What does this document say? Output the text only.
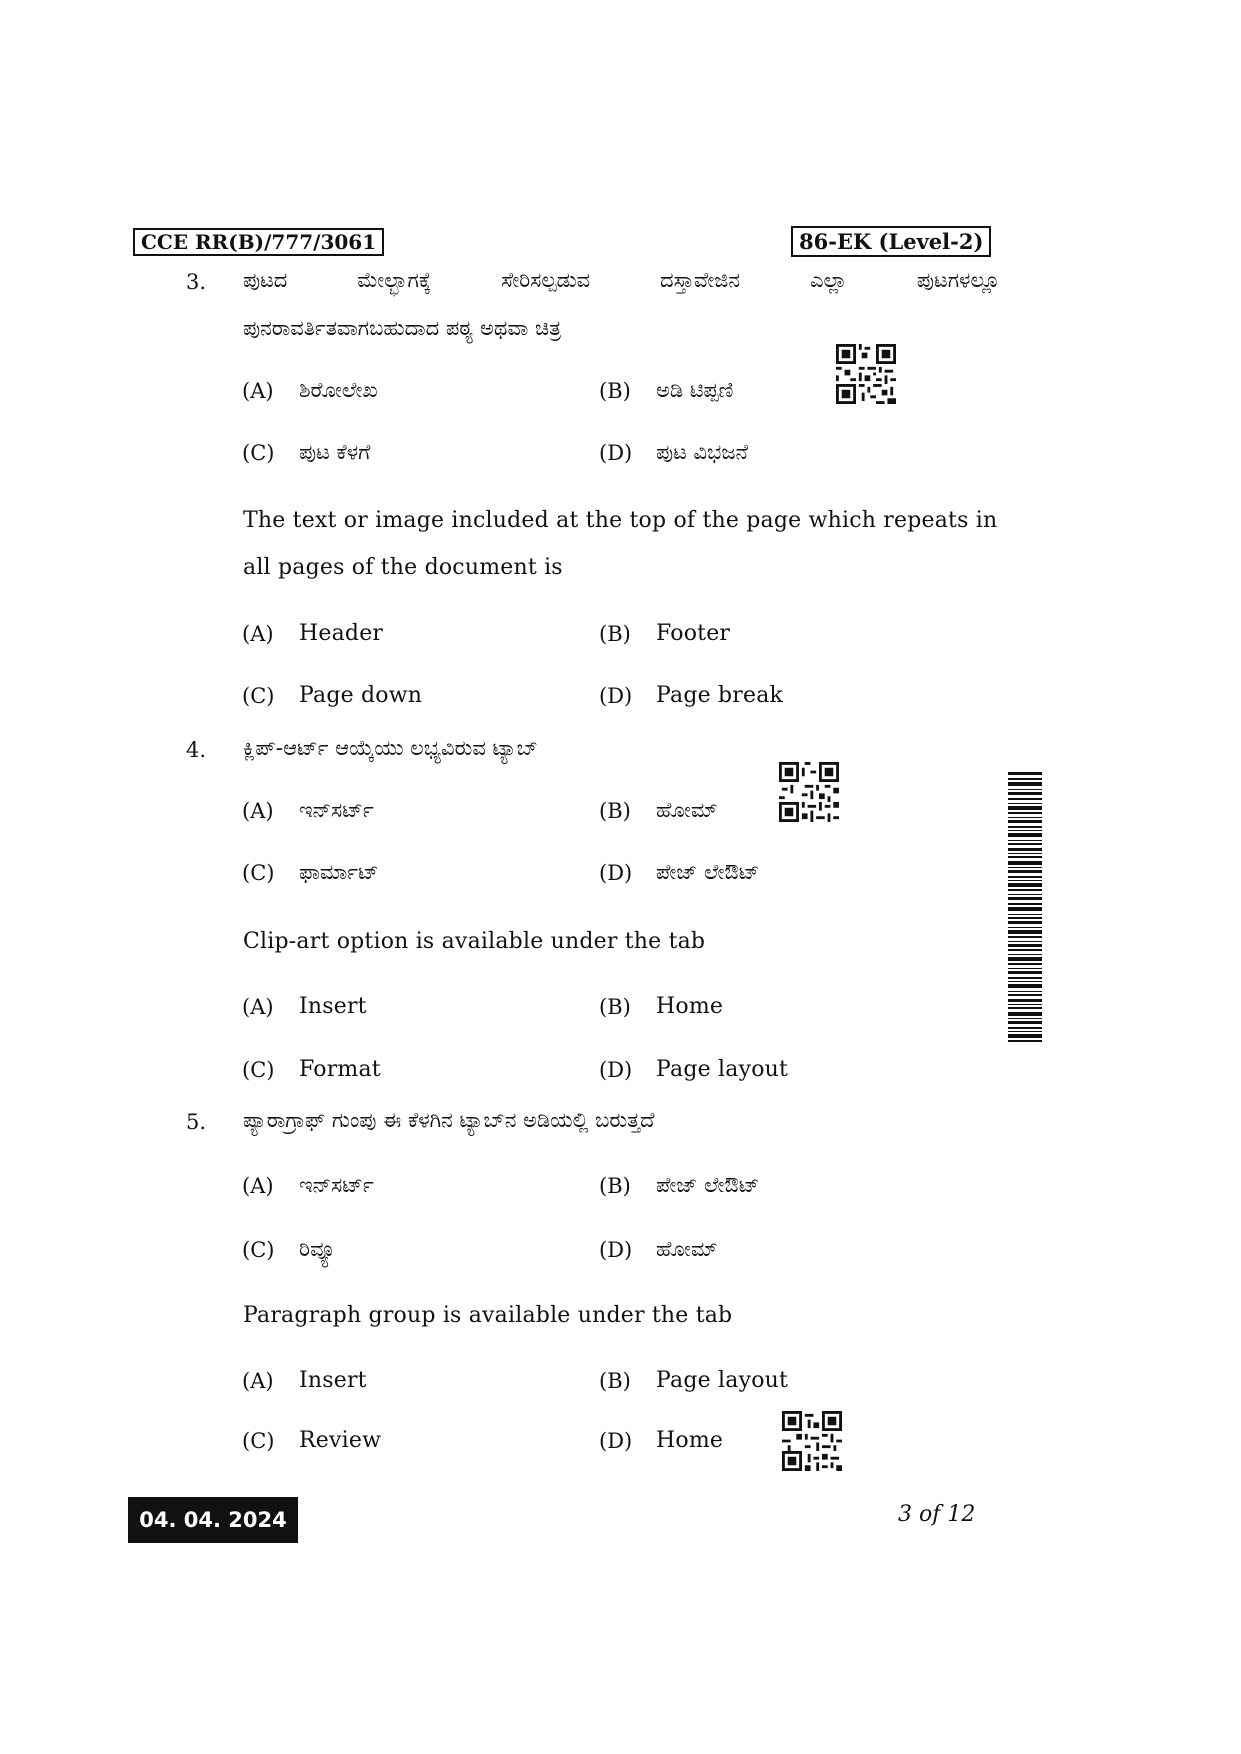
CCE RR(B)/777/3061	86-EK (Level-2)
3. ಪುಟದ	ಮೇಲ್ಭಾಗಕ್ಕೆ	ಸೇರಿಸಲ್ಪಡುವ	ದಸ್ತಾವೇಜಿನ	ಎಲ್ಲಾ	ಪುಟಗಳಲ್ಲೂ
ಪುನರಾವರ್ತಿತವಾಗಬಹುದಾದ ಪಠ್ಯ ಅಥವಾ ಚಿತ್ರ
(A) ಶಿರೋಲೇಖ	(B) ಅಡಿ ಟಿಪ್ಪಣಿ
(C) ಪುಟ ಕೆಳಗೆ	(D) ಪುಟ ವಿಭಜನೆ
The text or image included at the top of the page which repeats in
all pages of the document is
(A) Header	(B) Footer
(C) Page down	(D) Page break
4. ಕ್ಲಿಪ್-ಆರ್ಟ್ ಆಯ್ಕೆಯು ಲಭ್ಯವಿರುವ ಟ್ಯಾಬ್
(A) ಇನ್‌ಸರ್ಟ್	(B) ಹೋಮ್
(C) ಫಾರ್ಮಾಟ್	(D) ಪೇಜ್ ಲೇಔಟ್
Clip-art option is available under the tab
(A) Insert	(B) Home
(C) Format	(D) Page layout
5. ಪ್ಯಾರಾಗ್ರಾಫ್ ಗುಂಪು ಈ ಕೆಳಗಿನ ಟ್ಯಾಬ್‌ನ ಅಡಿಯಲ್ಲಿ ಬರುತ್ತದೆ
(A) ಇನ್‌ಸರ್ಟ್	(B) ಪೇಜ್ ಲೇಔಟ್
(C) ರಿವ್ಯೂ	(D) ಹೋಮ್
Paragraph group is available under the tab
(A) Insert	(B) Page layout
(C) Review	(D) Home
04. 04. 2024	3 of 12
